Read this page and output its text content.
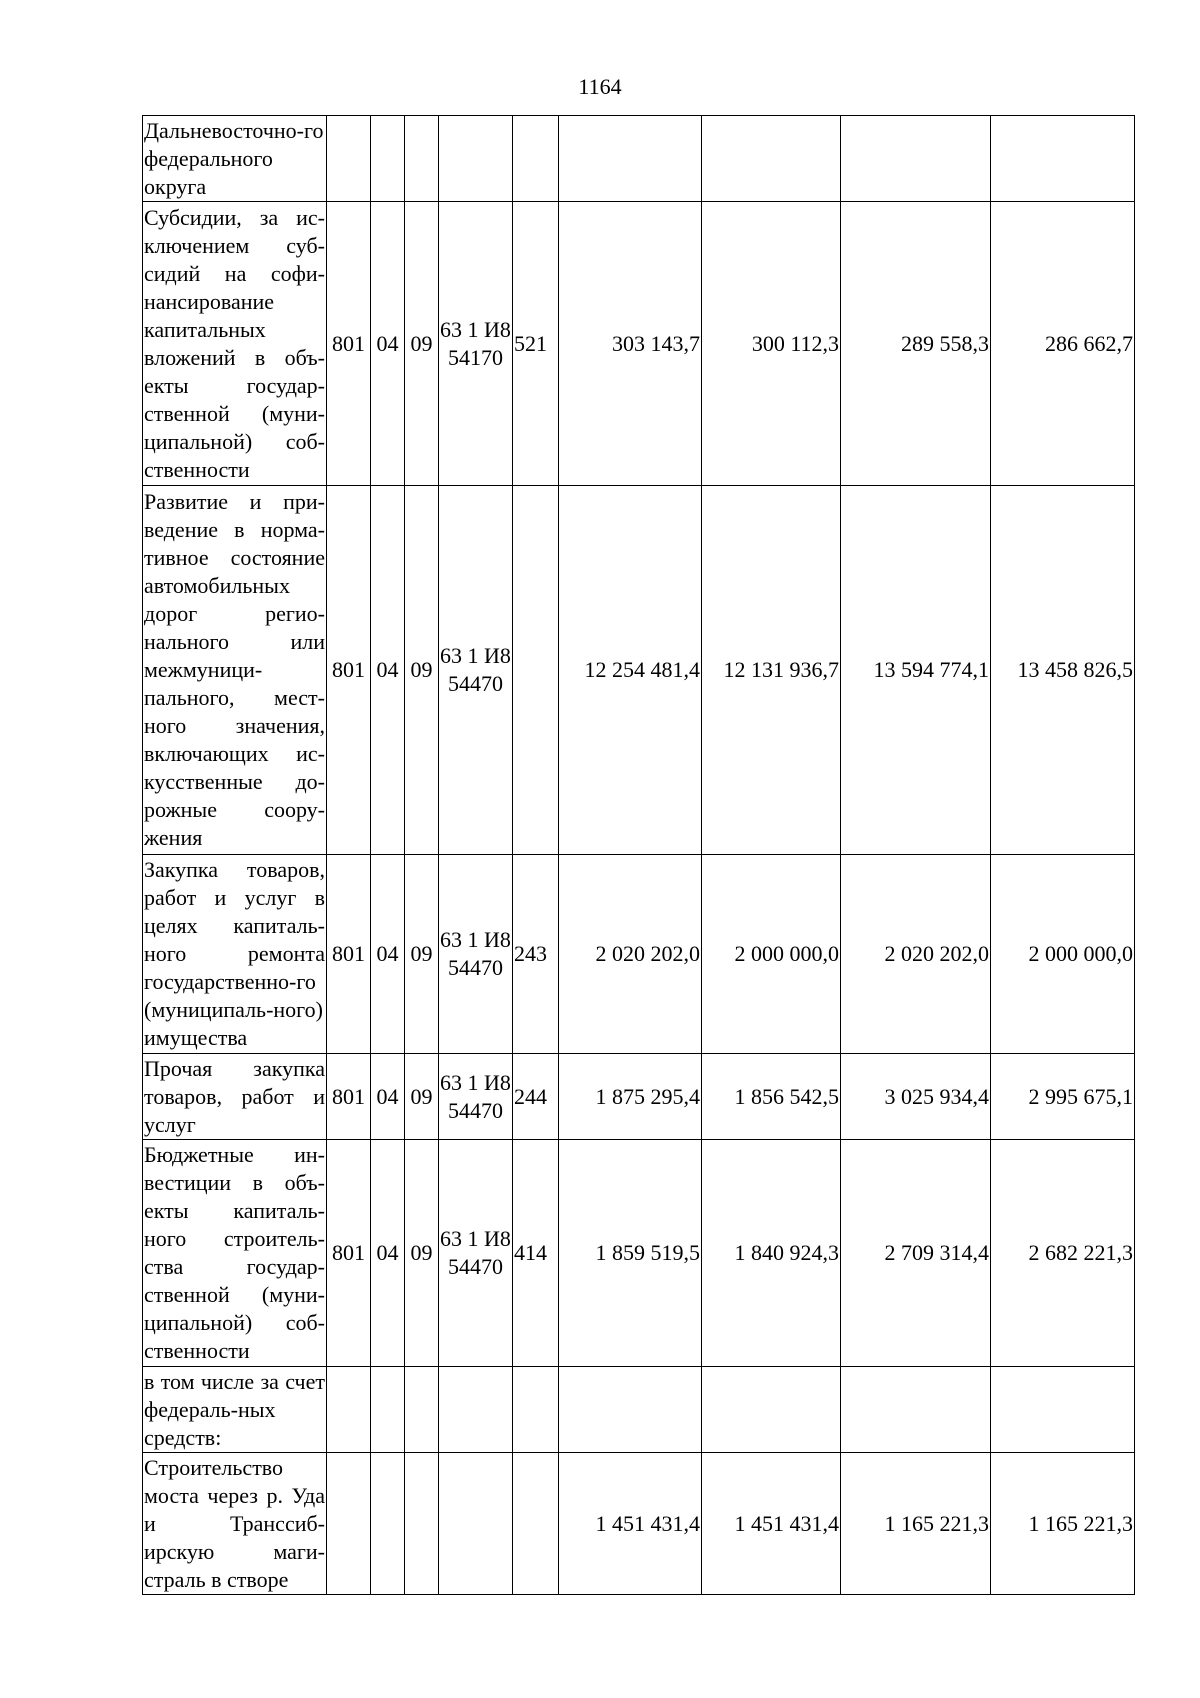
1164
Дальневосточно-го федерального округа									
Субсидии, за ис-ключением суб-сидий на софи-нансирование капитальных вложений в объ-екты государ-ственной (муни-ципальной) соб-ственности	801	04	09	63 1 И8 54170	521	303 143,7	300 112,3	289 558,3	286 662,7
Развитие и при-ведение в норма-тивное состояние автомобильных дорог регио-нального или межмуници-пального, мест-ного значения, включающих ис-кусственные до-рожные соору-жения	801	04	09	63 1 И8 54470		12 254 481,4	12 131 936,7	13 594 774,1	13 458 826,5
Закупка товаров, работ и услуг в целях капиталь-ного ремонта государственно-го (муниципаль-ного) имущества	801	04	09	63 1 И8 54470	243	2 020 202,0	2 000 000,0	2 020 202,0	2 000 000,0
Прочая закупка товаров, работ и услуг	801	04	09	63 1 И8 54470	244	1 875 295,4	1 856 542,5	3 025 934,4	2 995 675,1
Бюджетные ин-вестиции в объ-екты капиталь-ного строитель-ства государ-ственной (муни-ципальной) соб-ственности	801	04	09	63 1 И8 54470	414	1 859 519,5	1 840 924,3	2 709 314,4	2 682 221,3
в том числе за счет федераль-ных средств:									
Строительство моста через р. Уда и Транссиб-ирскую маги-страль в створе						1 451 431,4	1 451 431,4	1 165 221,3	1 165 221,3
